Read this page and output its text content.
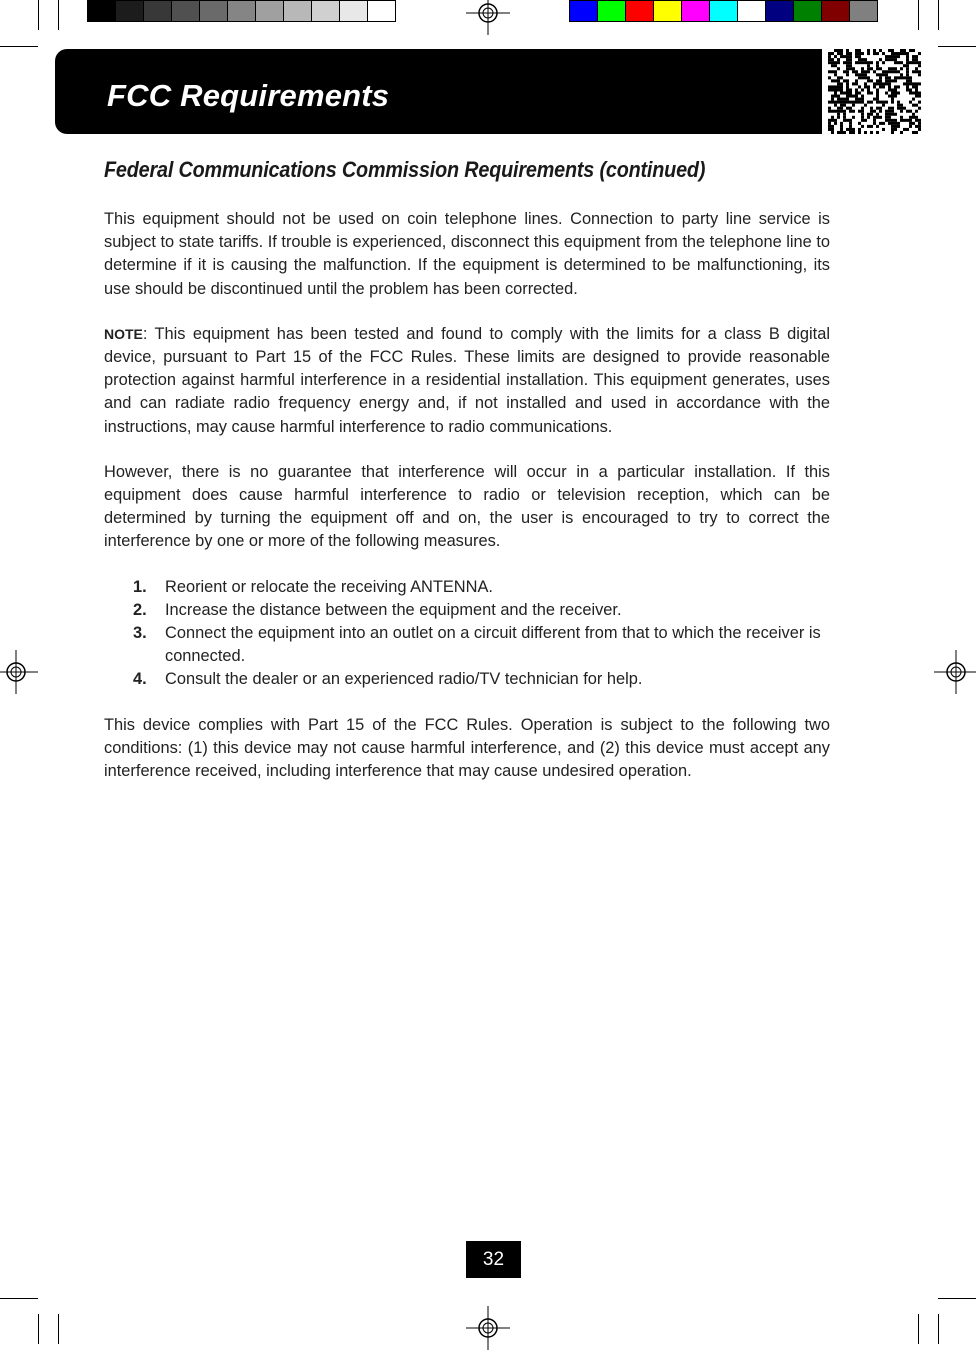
FCC Requirements
Federal Communications Commission Requirements (continued)

This equipment should not be used on coin telephone lines. Connection to party line service is subject to state tariffs. If trouble is experienced, disconnect this equipment from the telephone line to determine if it is causing the malfunction. If the equipment is determined to be malfunctioning, its use should be discontinued until the problem has been corrected.

NOTE: This equipment has been tested and found to comply with the limits for a class B digital device, pursuant to Part 15 of the FCC Rules. These limits are designed to provide reasonable protection against harmful interference in a residential installation. This equipment generates, uses and can radiate radio frequency energy and, if not installed and used in accordance with the instructions, may cause harmful interference to radio communications.

However, there is no guarantee that interference will occur in a particular installation. If this equipment does cause harmful interference to radio or television reception, which can be determined by turning the equipment off and on, the user is encouraged to try to correct the interference by one or more of the following measures.

1. Reorient or relocate the receiving ANTENNA.
2. Increase the distance between the equipment and the receiver.
3. Connect the equipment into an outlet on a circuit different from that to which the receiver is connected.
4. Consult the dealer or an experienced radio/TV technician for help.

This device complies with Part 15 of the FCC Rules. Operation is subject to the following two conditions: (1) this device may not cause harmful interference, and (2) this device must accept any interference received, including interference that may cause undesired operation.

32
